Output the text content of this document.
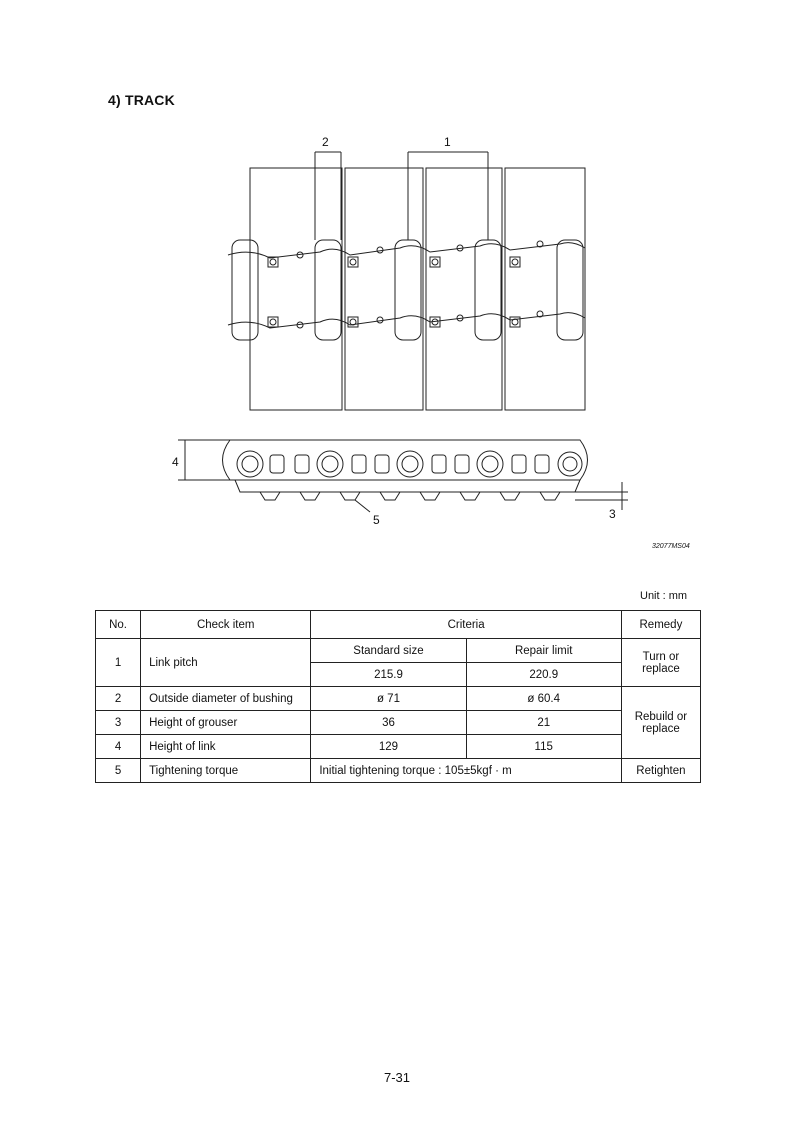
4) TRACK
2	1
4
3
5
32077MS04
Unit : mm
No.	Check item	Criteria		Remedy
1	Link pitch	Standard size	Repair limit	Turn or
replace

		215.9	220.9	
2	Outside diameter of bushing	ø 71	ø 60.4	Rebuild or
replace

3	Height of grouser	36	21	
4	Height of link	129	115	
5	Tightening torque	Initial tightening torque : 105±5kgf · m		Retighten
7-31
